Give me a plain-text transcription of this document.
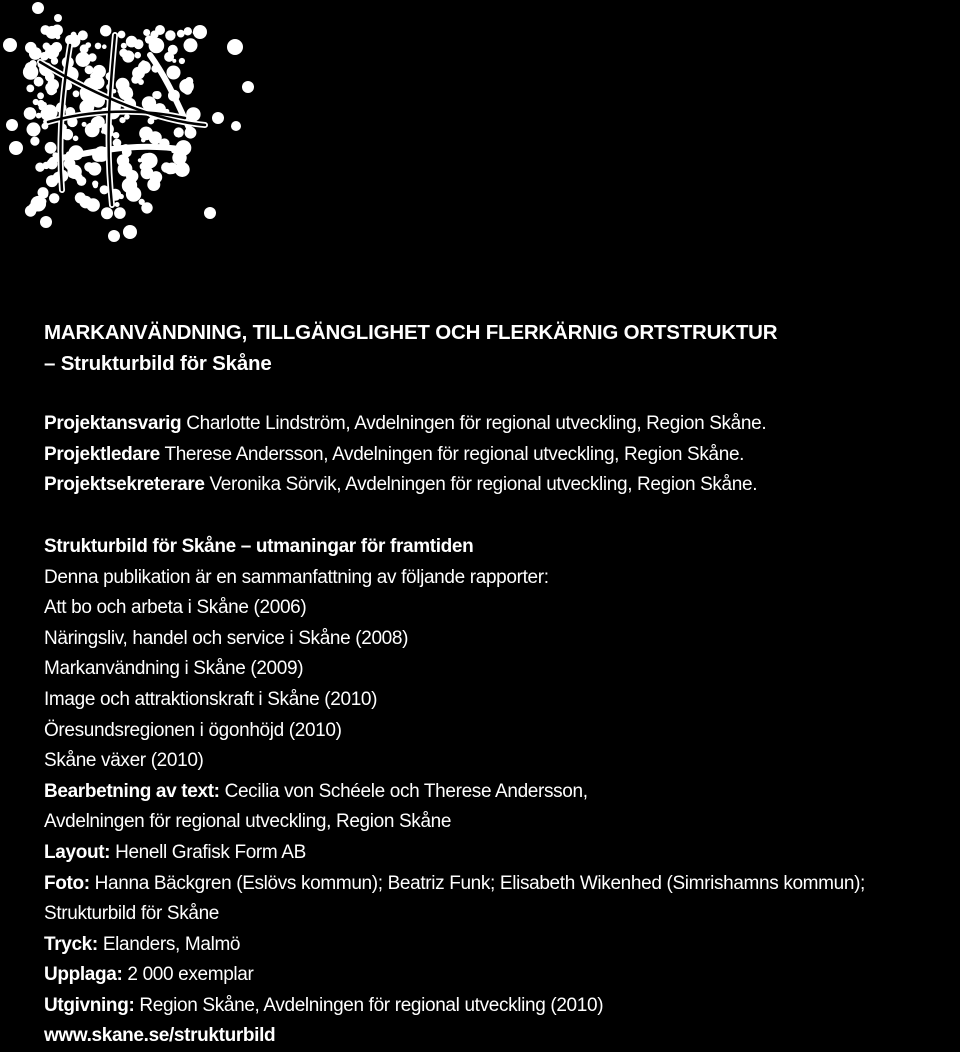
MARKANVÄNDNING, TILLGÄNGLIGHET OCH FLERKÄRNIG ORTSTRUKTUR

– Strukturbild för Skåne

Projektansvarig Charlotte Lindström, Avdelningen för regional utveckling, Region Skåne.

Projektledare Therese Andersson, Avdelningen för regional utveckling, Region Skåne.

Projektsekreterare Veronika Sörvik, Avdelningen för regional utveckling, Region Skåne.

Strukturbild för Skåne – utmaningar för framtiden

Denna publikation är en sammanfattning av följande rapporter:

Att bo och arbeta i Skåne (2006)

Näringsliv, handel och service i Skåne (2008)

Markanvändning i Skåne (2009)

Image och attraktionskraft i Skåne (2010)

Öresundsregionen i ögonhöjd (2010)

Skåne växer (2010)

Bearbetning av text: Cecilia von Schéele och Therese Andersson,

Avdelningen för regional utveckling, Region Skåne

Layout: Henell Grafisk Form AB

Foto: Hanna Bäckgren (Eslövs kommun); Beatriz Funk; Elisabeth Wikenhed (Simrishamns kommun);

Strukturbild för Skåne

Tryck: Elanders, Malmö

Upplaga: 2 000 exemplar

Utgivning: Region Skåne, Avdelningen för regional utveckling (2010)

www.skane.se/strukturbild
